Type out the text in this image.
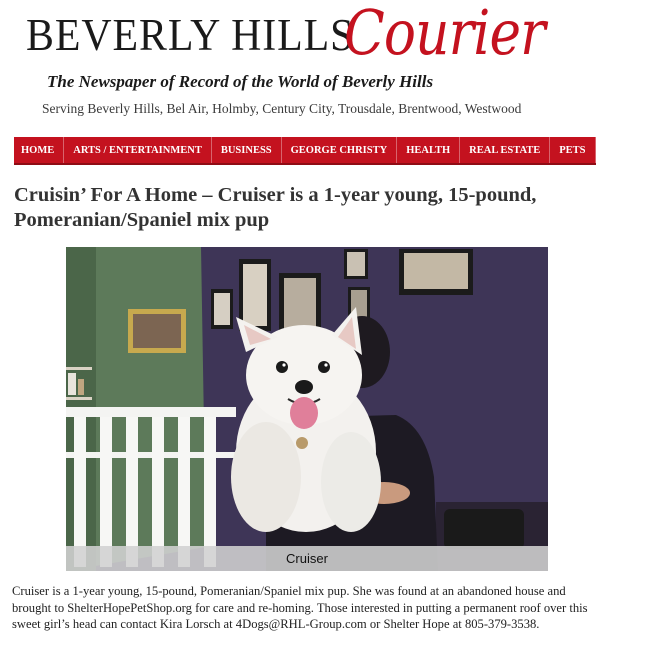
BEVERLY HILLS
Courier
The Newspaper of Record of the World of Beverly Hills
Serving Beverly Hills, Bel Air, Holmby, Century City, Trousdale, Brentwood, Westwood
HOME ARTS / ENTERTAINMENT BUSINESS GEORGE CHRISTY HEALTH REAL ESTATE PETS SPORTS
Cruisin’ For A Home – Cruiser is a 1-year young, 15-pound, Pomeranian/Spaniel mix pup
Cruiser

Cruiser is a 1-year young, 15-pound, Pomeranian/Spaniel mix pup. She was found at an abandoned house and brought to ShelterHopePetShop.org for care and re-homing. Those interested in putting a permanent roof over this sweet girl’s head can contact Kira Lorsch at 4Dogs@RHL-Group.com or Shelter Hope at 805-379-3538.
